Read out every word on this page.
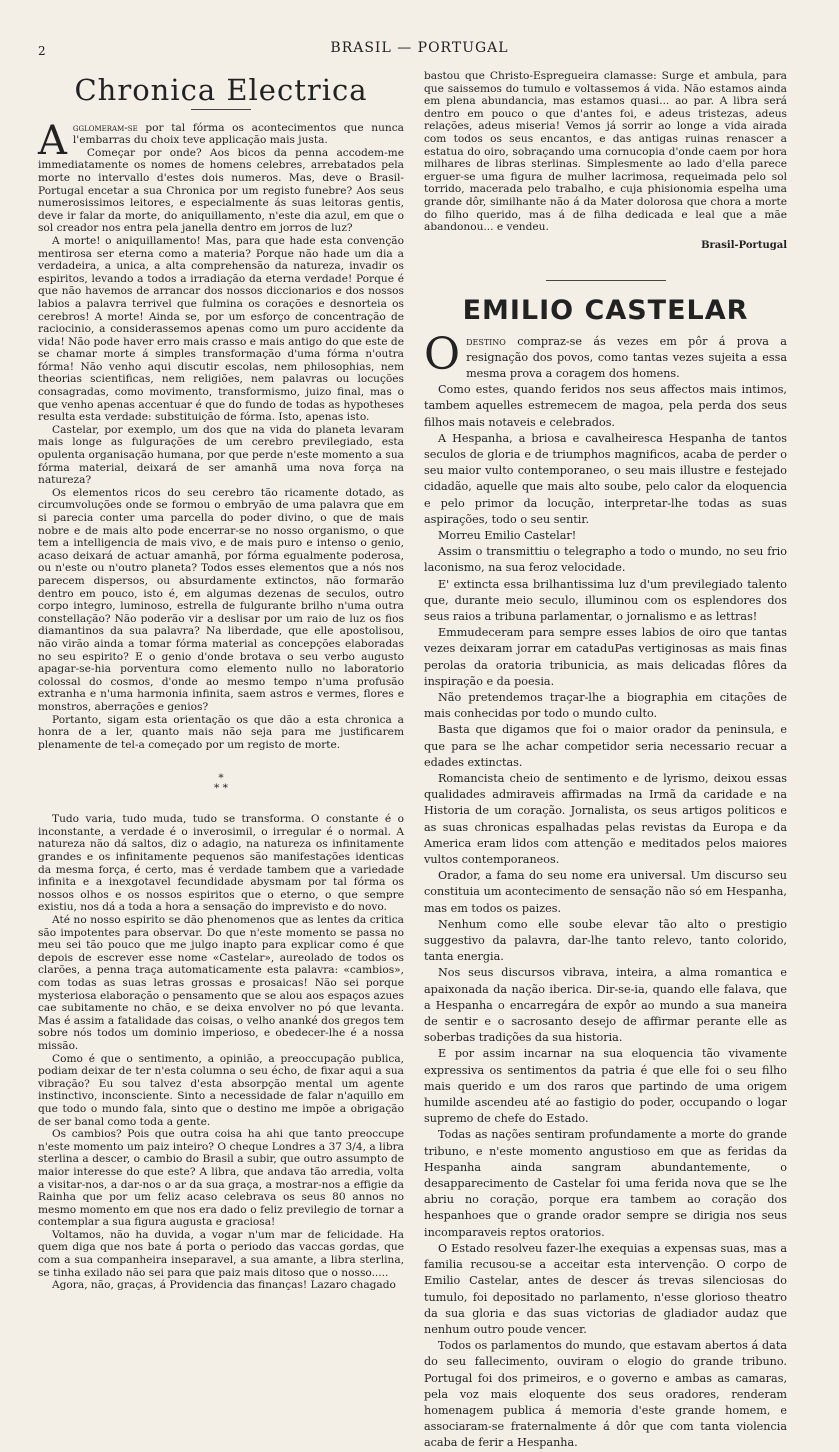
2	BRASIL — PORTUGAL
Chronica Electrica

Agglomeram-se por tal fórma os acontecimentos que nunca l'embarras du choix teve applicação mais justa.

Começar por onde? Aos bicos da penna accodem-me immediatamente os nomes de homens celebres, arrebatados pela morte no intervallo d'estes dois numeros. Mas, deve o Brasil-Portugal encetar a sua Chronica por um registo funebre? Aos seus numerosissimos leitores, e especialmente ás suas leitoras gentis, deve ir falar da morte, do aniquillamento, n'este dia azul, em que o sol creador nos entra pela janella dentro em jorros de luz?

A morte! o aniquillamento! Mas, para que hade esta convenção mentirosa ser eterna como a materia? Porque não hade um dia a verdadeira, a unica, a alta comprehensão da natureza, invadir os espiritos, levando a todos a irradiação da eterna verdade! Porque é que não havemos de arrancar dos nossos diccionarios e dos nossos labios a palavra terrivel que fulmina os corações e desnorteia os cerebros! A morte! Ainda se, por um esforço de concentração de raciocinio, a considerassemos apenas como um puro accidente da vida! Não pode haver erro mais crasso e mais antigo do que este de se chamar morte á simples transformação d'uma fórma n'outra fórma! Não venho aqui discutir escolas, nem philosophias, nem theorias scientificas, nem religiões, nem palavras ou locuções consagradas, como movimento, transformismo, juizo final, mas o que venho apenas accentuar é que do fundo de todas as hypotheses resulta esta verdade: substituição de fórma. Isto, apenas isto.

Castelar, por exemplo, um dos que na vida do planeta levaram mais longe as fulgurações de um cerebro previlegiado, esta opulenta organisação humana, por que perde n'este momento a sua fórma material, deixará de ser amanhã uma nova força na natureza?

Os elementos ricos do seu cerebro tão ricamente dotado, as circumvoluções onde se formou o embryão de uma palavra que em si parecia conter uma parcella do poder divino, o que de mais nobre e de mais alto pode encerrar-se no nosso organismo, o que tem a intelligencia de mais vivo, e de mais puro e intenso o genio, acaso deixará de actuar amanhã, por fórma egualmente poderosa, ou n'este ou n'outro planeta? Todos esses elementos que a nós nos parecem dispersos, ou absurdamente extinctos, não formarão dentro em pouco, isto é, em algumas dezenas de seculos, outro corpo integro, luminoso, estrella de fulgurante brilho n'uma outra constellação? Não poderão vir a deslisar por um raio de luz os fios diamantinos da sua palavra? Na liberdade, que elle apostolisou, não virão ainda a tomar fórma material as concepções elaboradas no seu espirito? E o genio d'onde brotava o seu verbo augusto apagar-se-hia porventura como elemento nullo no laboratorio colossal do cosmos, d'onde ao mesmo tempo n'uma profusão extranha e n'uma harmonia infinita, saem astros e vermes, flores e monstros, aberrações e genios?

Portanto, sigam esta orientação os que dão a esta chronica a honra de a ler, quanto mais não seja para me justificarem plenamente de tel-a começado por um registo de morte.

*
* *

Tudo varia, tudo muda, tudo se transforma. O constante é o inconstante, a verdade é o inverosimil, o irregular é o normal. A natureza não dá saltos, diz o adagio, na natureza os infinitamente grandes e os infinitamente pequenos são manifestações identicas da mesma força, é certo, mas é verdade tambem que a variedade infinita e a inexgotavel fecundidade abysmam por tal fórma os nossos olhos e os nossos espiritos que o eterno, o que sempre existiu, nos dá a toda a hora a sensação do imprevisto e do novo.

Até no nosso espirito se dão phenomenos que as lentes da critica são impotentes para observar. Do que n'este momento se passa no meu sei tão pouco que me julgo inapto para explicar como é que depois de escrever esse nome «Castelar», aureolado de todos os clarões, a penna traça automaticamente esta palavra: «cambios», com todas as suas letras grossas e prosaicas! Não sei porque mysteriosa elaboração o pensamento que se alou aos espaços azues cae subitamente no chão, e se deixa envolver no pó que levanta. Mas é assim a fatalidade das coisas, o velho ananké dos gregos tem sobre nós todos um dominio imperioso, e obedecer-lhe é a nossa missão.

Como é que o sentimento, a opinião, a preoccupação publica, podiam deixar de ter n'esta columna o seu écho, de fixar aqui a sua vibração? Eu sou talvez d'esta absorpção mental um agente instinctivo, inconsciente. Sinto a necessidade de falar n'aquillo em que todo o mundo fala, sinto que o destino me impõe a obrigação de ser banal como toda a gente.

Os cambios? Pois que outra coisa ha ahi que tanto preoccupe n'este momento um paiz inteiro? O cheque Londres a 37 3/4, a libra sterlina a descer, o cambio do Brasil a subir, que outro assumpto de maior interesse do que este? A libra, que andava tão arredia, volta a visitar-nos, a dar-nos o ar da sua graça, a mostrar-nos a effigie da Rainha que por um feliz acaso celebrava os seus 80 annos no mesmo momento em que nos era dado o feliz previlegio de tornar a contemplar a sua figura augusta e graciosa!

Voltamos, não ha duvida, a vogar n'um mar de felicidade. Ha quem diga que nos bate á porta o periodo das vaccas gordas, que com a sua companheira inseparavel, a sua amante, a libra sterlina, se tinha exilado não sei para que paiz mais ditoso que o nosso.....

Agora, não, graças, á Providencia das finanças! Lazaro chagado

bastou que Christo-Espregueira clamasse: Surge et ambula, para que saissemos do tumulo e voltassemos á vida. Não estamos ainda em plena abundancia, mas estamos quasi... ao par. A libra será dentro em pouco o que d'antes foi, e adeus tristezas, adeus relações, adeus miseria! Vemos já sorrir ao longe a vida airada com todos os seus encantos, e das antigas ruinas renascer a estatua do oiro, sobraçando uma cornucopia d'onde caem por hora milhares de libras sterlinas. Simplesmente ao lado d'ella parece erguer-se uma figura de mulher lacrimosa, requeimada pelo sol torrido, macerada pelo trabalho, e cuja phisionomia espelha uma grande dôr, similhante não á da Mater dolorosa que chora a morte do filho querido, mas á de filha dedicada e leal que a mãe abandonou... e vendeu.

Brasil-Portugal
EMILIO CASTELAR

Odestino compraz-se ás vezes em pôr á prova a resignação dos povos, como tantas vezes sujeita a essa mesma prova a coragem dos homens.

Como estes, quando feridos nos seus affectos mais intimos, tambem aquelles estremecem de magoa, pela perda dos seus filhos mais notaveis e celebrados.

A Hespanha, a briosa e cavalheiresca Hespanha de tantos seculos de gloria e de triumphos magnificos, acaba de perder o seu maior vulto contemporaneo, o seu mais illustre e festejado cidadão, aquelle que mais alto soube, pelo calor da eloquencia e pelo primor da locução, interpretar-lhe todas as suas aspirações, todo o seu sentir.

Morreu Emilio Castelar!

Assim o transmittiu o telegrapho a todo o mundo, no seu frio laconismo, na sua feroz velocidade.

E' extincta essa brilhantissima luz d'um previlegiado talento que, durante meio seculo, illuminou com os esplendores dos seus raios a tribuna parlamentar, o jornalismo e as lettras!

Emmudeceram para sempre esses labios de oiro que tantas vezes deixaram jorrar em cataduPas vertiginosas as mais finas perolas da oratoria tribunicia, as mais delicadas flôres da inspiração e da poesia.

Não pretendemos traçar-lhe a biographia em citações de mais conhecidas por todo o mundo culto.

Basta que digamos que foi o maior orador da peninsula, e que para se lhe achar competidor seria necessario recuar a edades extinctas.

Romancista cheio de sentimento e de lyrismo, deixou essas qualidades admiraveis affirmadas na Irmã da caridade e na Historia de um coração. Jornalista, os seus artigos politicos e as suas chronicas espalhadas pelas revistas da Europa e da America eram lidos com attenção e meditados pelos maiores vultos contemporaneos.

Orador, a fama do seu nome era universal. Um discurso seu constituia um acontecimento de sensação não só em Hespanha, mas em todos os paizes.

Nenhum como elle soube elevar tão alto o prestigio suggestivo da palavra, dar-lhe tanto relevo, tanto colorido, tanta energia.

Nos seus discursos vibrava, inteira, a alma romantica e apaixonada da nação iberica. Dir-se-ia, quando elle falava, que a Hespanha o encarregára de expôr ao mundo a sua maneira de sentir e o sacrosanto desejo de affirmar perante elle as soberbas tradições da sua historia.

E por assim incarnar na sua eloquencia tão vivamente expressiva os sentimentos da patria é que elle foi o seu filho mais querido e um dos raros que partindo de uma origem humilde ascendeu até ao fastigio do poder, occupando o logar supremo de chefe do Estado.

Todas as nações sentiram profundamente a morte do grande tribuno, e n'este momento angustioso em que as feridas da Hespanha ainda sangram abundantemente, o desapparecimento de Castelar foi uma ferida nova que se lhe abriu no coração, porque era tambem ao coração dos hespanhoes que o grande orador sempre se dirigia nos seus incomparaveis reptos oratorios.

O Estado resolveu fazer-lhe exequias a expensas suas, mas a familia recusou-se a acceitar esta intervenção. O corpo de Emilio Castelar, antes de descer ás trevas silenciosas do tumulo, foi depositado no parlamento, n'esse glorioso theatro da sua gloria e das suas victorias de gladiador audaz que nenhum outro poude vencer.

Todos os parlamentos do mundo, que estavam abertos á data do seu fallecimento, ouviram o elogio do grande tribuno. Portugal foi dos primeiros, e o governo e ambas as camaras, pela voz mais eloquente dos seus oradores, renderam homenagem publica á memoria d'este grande homem, e associaram-se fraternalmente á dôr que com tanta violencia acaba de ferir a Hespanha.
